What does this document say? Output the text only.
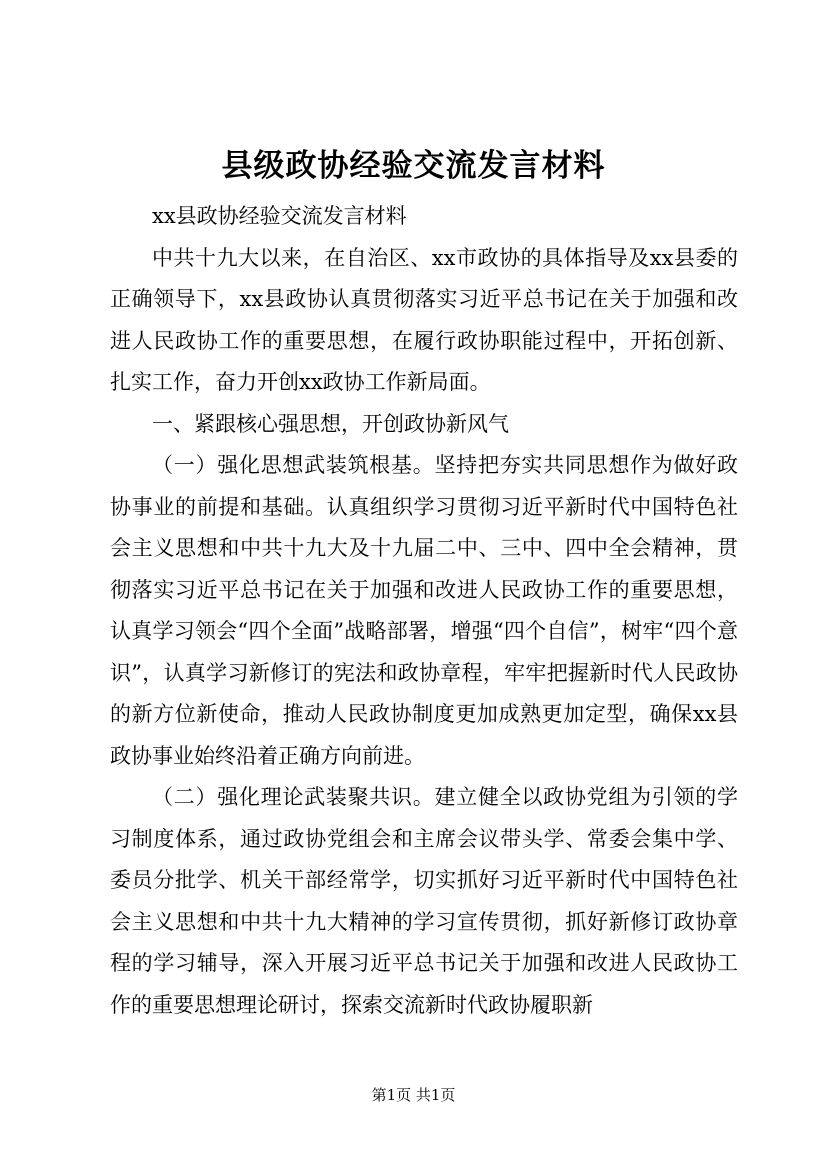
县级政协经验交流发言材料

xx县政协经验交流发言材料

中共十九大以来，在自治区、xx市政协的具体指导及xx县委的正确领导下，xx县政协认真贯彻落实习近平总书记在关于加强和改进人民政协工作的重要思想，在履行政协职能过程中，开拓创新、扎实工作，奋力开创xx政协工作新局面。

一、紧跟核心强思想，开创政协新风气

（一）强化思想武装筑根基。坚持把夯实共同思想作为做好政协事业的前提和基础。认真组织学习贯彻习近平新时代中国特色社会主义思想和中共十九大及十九届二中、三中、四中全会精神，贯彻落实习近平总书记在关于加强和改进人民政协工作的重要思想，认真学习领会“四个全面”战略部署，增强“四个自信”，树牢“四个意识”，认真学习新修订的宪法和政协章程，牢牢把握新时代人民政协的新方位新使命，推动人民政协制度更加成熟更加定型，确保xx县政协事业始终沿着正确方向前进。

（二）强化理论武装聚共识。建立健全以政协党组为引领的学习制度体系，通过政协党组会和主席会议带头学、常委会集中学、委员分批学、机关干部经常学，切实抓好习近平新时代中国特色社会主义思想和中共十九大精神的学习宣传贯彻，抓好新修订政协章程的学习辅导，深入开展习近平总书记关于加强和改进人民政协工作的重要思想理论研讨，探索交流新时代政协履职新

第1页 共1页
